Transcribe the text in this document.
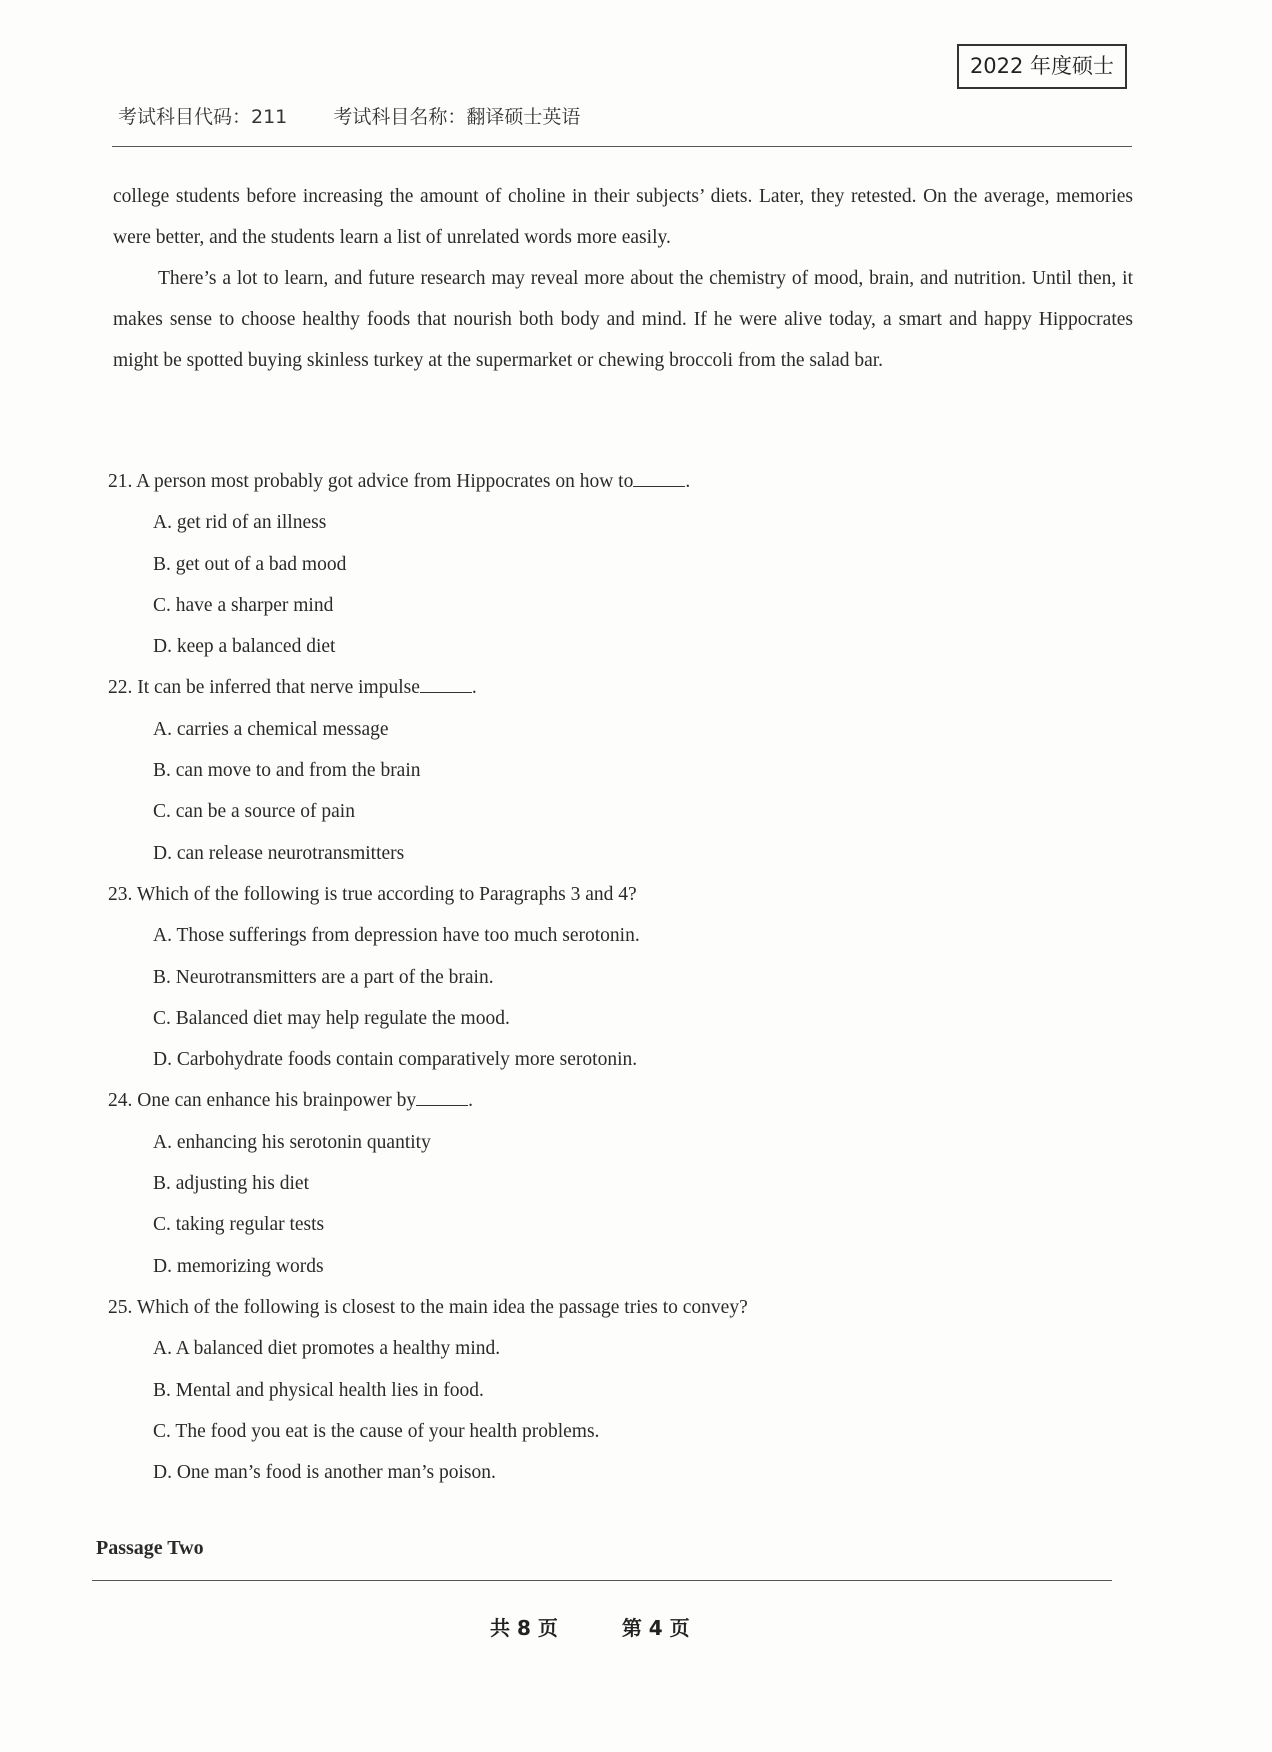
2022 年度硕士
考试科目代码：211 考试科目名称：翻译硕士英语

college students before increasing the amount of choline in their subjects’ diets. Later, they retested. On the average, memories were better, and the students learn a list of unrelated words more easily.

There’s a lot to learn, and future research may reveal more about the chemistry of mood, brain, and nutrition. Until then, it makes sense to choose healthy foods that nourish both body and mind. If he were alive today, a smart and happy Hippocrates might be spotted buying skinless turkey at the supermarket or chewing broccoli from the salad bar.

21. A person most probably got advice from Hippocrates on how to	.
A. get rid of an illness
B. get out of a bad mood
C. have a sharper mind
D. keep a balanced diet
22. It can be inferred that nerve impulse	.
A. carries a chemical message
B. can move to and from the brain
C. can be a source of pain
D. can release neurotransmitters
23. Which of the following is true according to Paragraphs 3 and 4?
A. Those sufferings from depression have too much serotonin.
B. Neurotransmitters are a part of the brain.
C. Balanced diet may help regulate the mood.
D. Carbohydrate foods contain comparatively more serotonin.
24. One can enhance his brainpower by	.
A. enhancing his serotonin quantity
B. adjusting his diet
C. taking regular tests
D. memorizing words
25. Which of the following is closest to the main idea the passage tries to convey?
A. A balanced diet promotes a healthy mind.
B. Mental and physical health lies in food.
C. The food you eat is the cause of your health problems.
D. One man’s food is another man’s poison.
Passage Two
共 8 页	第 4 页
